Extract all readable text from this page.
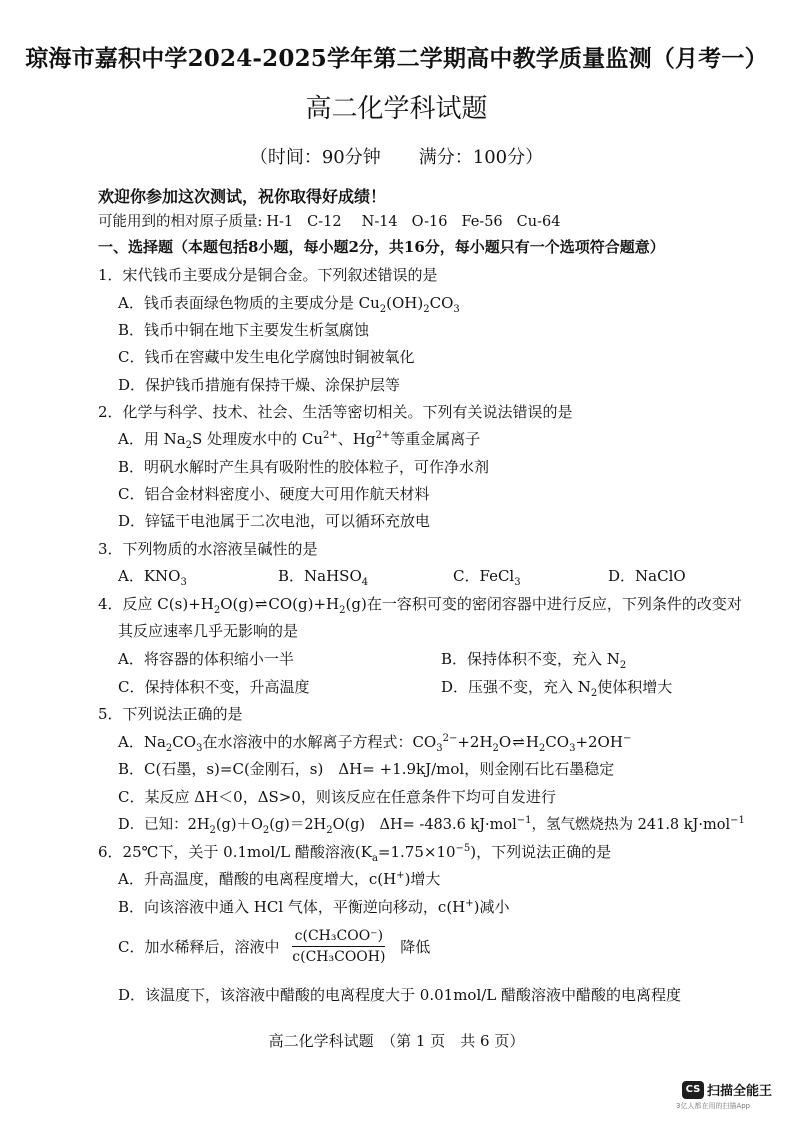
琼海市嘉积中学2024-2025学年第二学期高中教学质量监测（月考一）
高二化学科试题
（时间：90分钟 满分：100分）
欢迎你参加这次测试，祝你取得好成绩！
可能用到的相对原子质量: H-1 C-12 N-14 O-16 Fe-56 Cu-64
一、选择题（本题包括8小题，每小题2分，共16分，每小题只有一个选项符合题意）
1．宋代钱币主要成分是铜合金。下列叙述错误的是
A．钱币表面绿色物质的主要成分是 $Cu_2(OH)_2CO_3$
B．钱币中铜在地下主要发生析氢腐蚀
C．钱币在窖藏中发生电化学腐蚀时铜被氧化
D．保护钱币措施有保持干燥、涂保护层等
2．化学与科学、技术、社会、生活等密切相关。下列有关说法错误的是
A．用 $Na_2S$ 处理废水中的 $Cu^{2+}$、$Hg^{2+}$等重金属离子
B．明矾水解时产生具有吸附性的胶体粒子，可作净水剂
C．铝合金材料密度小、硬度大可用作航天材料
D．锌锰干电池属于二次电池，可以循环充放电
3．下列物质的水溶液呈碱性的是
A．$KNO_3$	B．NaHSO$_4$	C．FeCl$_3$	D．NaClO
4．反应 $C(s)+H_2O(g)\rightleftharpoons CO(g)+H_2(g)$在一容积可变的密闭容器中进行反应，下列条件的改变对
其反应速率几乎无影响的是
A．将容器的体积缩小一半	B．保持体积不变，充入 $N_2$
C．保持体积不变，升高温度	D．压强不变，充入 $N_2$使体积增大
5．下列说法正确的是
A．$Na_2CO_3$在水溶液中的水解离子方程式：$CO_3^{2-}+2H_2O\rightleftharpoons H_2CO_3+2OH^-$
B．C(石墨，s)=C(金刚石，s)　ΔH= +1.9kJ/mol，则金刚石比石墨稳定
C．某反应 ΔH＜0，ΔS>0，则该反应在任意条件下均可自发进行
D．已知：$2H_2(g)+O_2(g)=2H_2O(g)$　ΔH= -483.6 kJ·mol$^{-1}$，氢气燃烧热为 241.8 kJ·mol$^{-1}$
6．25℃下，关于 0.1mol/L 醋酸溶液$(K_a=1.75\times 10^{-5})$，下列说法正确的是
A．升高温度，醋酸的电离程度增大，c(H+)增大
B．向该溶液中通入 HCl 气体，平衡逆向移动，c(H+)减小
C．加水稀释后，溶液中 $\frac{\text{c(CH₃COO⁻)}}{\text{c(CH₃COOH)}}$ 降低
D．该温度下，该溶液中醋酸的电离程度大于 0.01mol/L 醋酸溶液中醋酸的电离程度
高二化学科试题　（第 1 页　共 6 页）
CS 扫描全能王
3亿人都在用的扫描App
